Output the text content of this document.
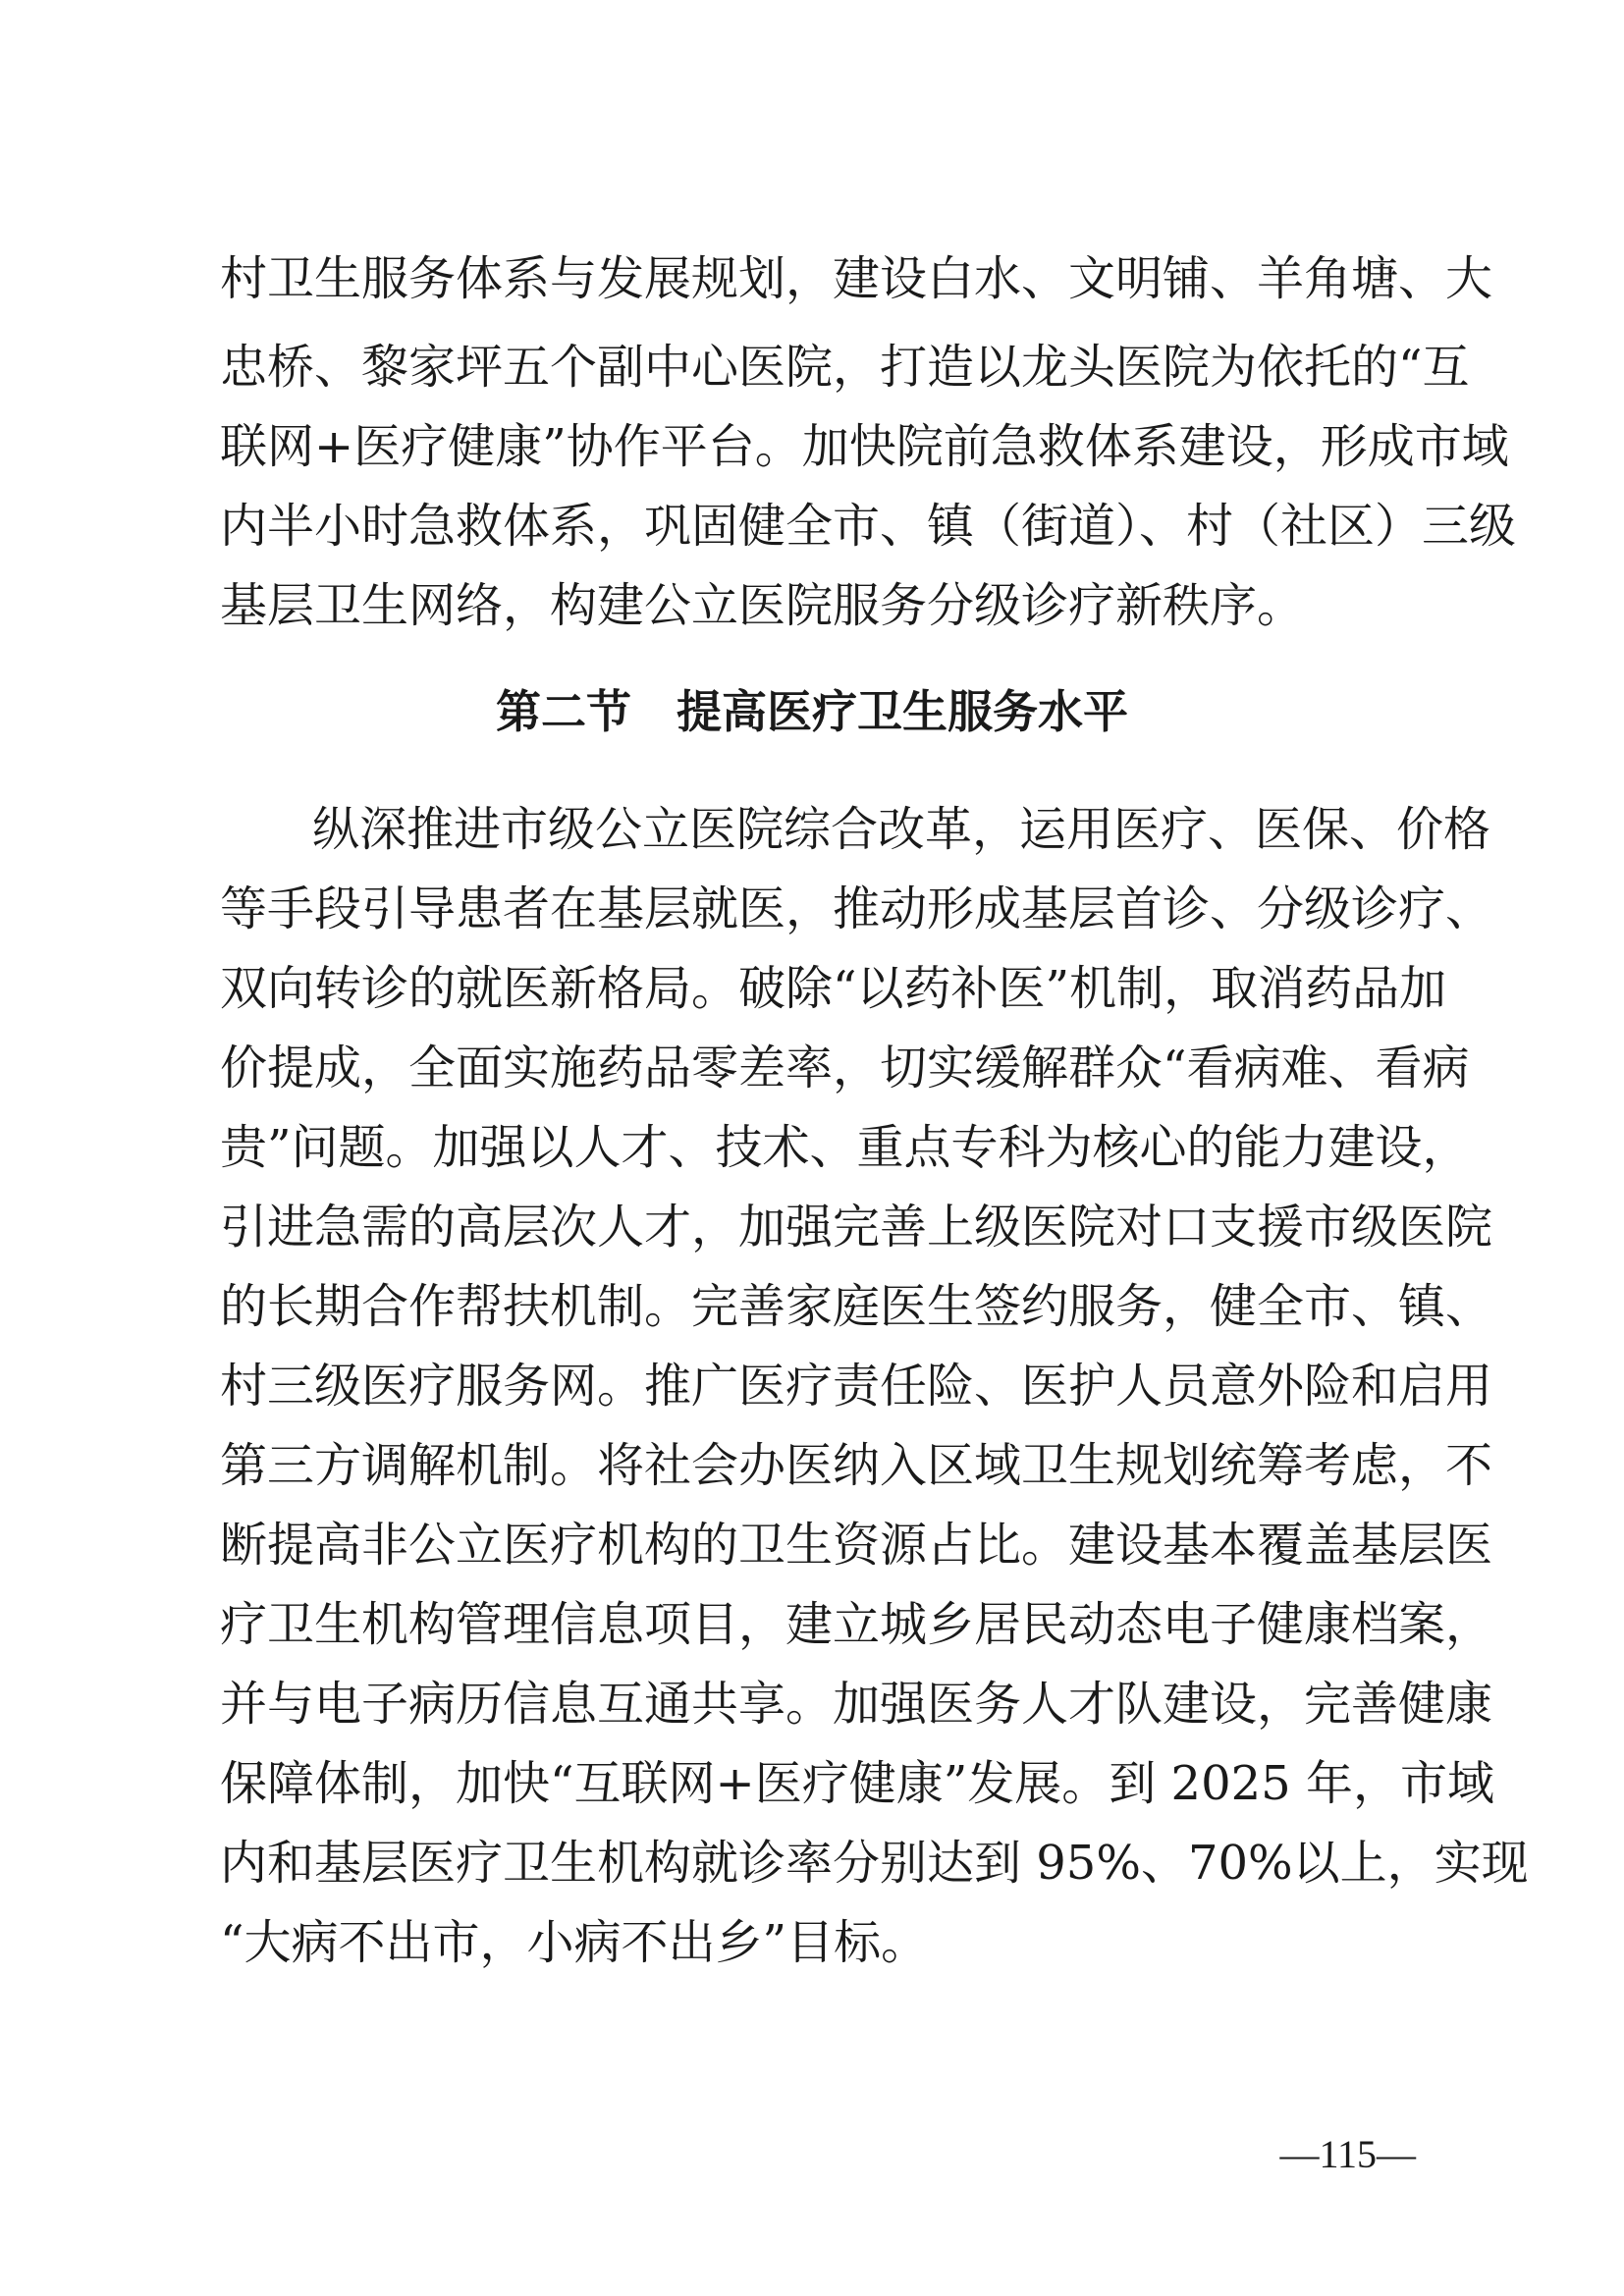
村卫生服务体系与发展规划，建设白水、文明铺、羊角塘、大
忠桥、黎家坪五个副中心医院，打造以龙头医院为依托的“互
联网+医疗健康”协作平台。加快院前急救体系建设，形成市域
内半小时急救体系，巩固健全市、镇（街道）、村（社区）三级
基层卫生网络，构建公立医院服务分级诊疗新秩序。
第二节　提高医疗卫生服务水平
纵深推进市级公立医院综合改革，运用医疗、医保、价格
等手段引导患者在基层就医，推动形成基层首诊、分级诊疗、
双向转诊的就医新格局。破除“以药补医”机制，取消药品加
价提成，全面实施药品零差率，切实缓解群众“看病难、看病
贵”问题。加强以人才、技术、重点专科为核心的能力建设，
引进急需的高层次人才，加强完善上级医院对口支援市级医院
的长期合作帮扶机制。完善家庭医生签约服务，健全市、镇、
村三级医疗服务网。推广医疗责任险、医护人员意外险和启用
第三方调解机制。将社会办医纳入区域卫生规划统筹考虑，不
断提高非公立医疗机构的卫生资源占比。建设基本覆盖基层医
疗卫生机构管理信息项目，建立城乡居民动态电子健康档案，
并与电子病历信息互通共享。加强医务人才队建设，完善健康
保障体制，加快“互联网+医疗健康”发展。到 2025 年，市域
内和基层医疗卫生机构就诊率分别达到 95%、70%以上，实现
“大病不出市，小病不出乡”目标。
—115—
